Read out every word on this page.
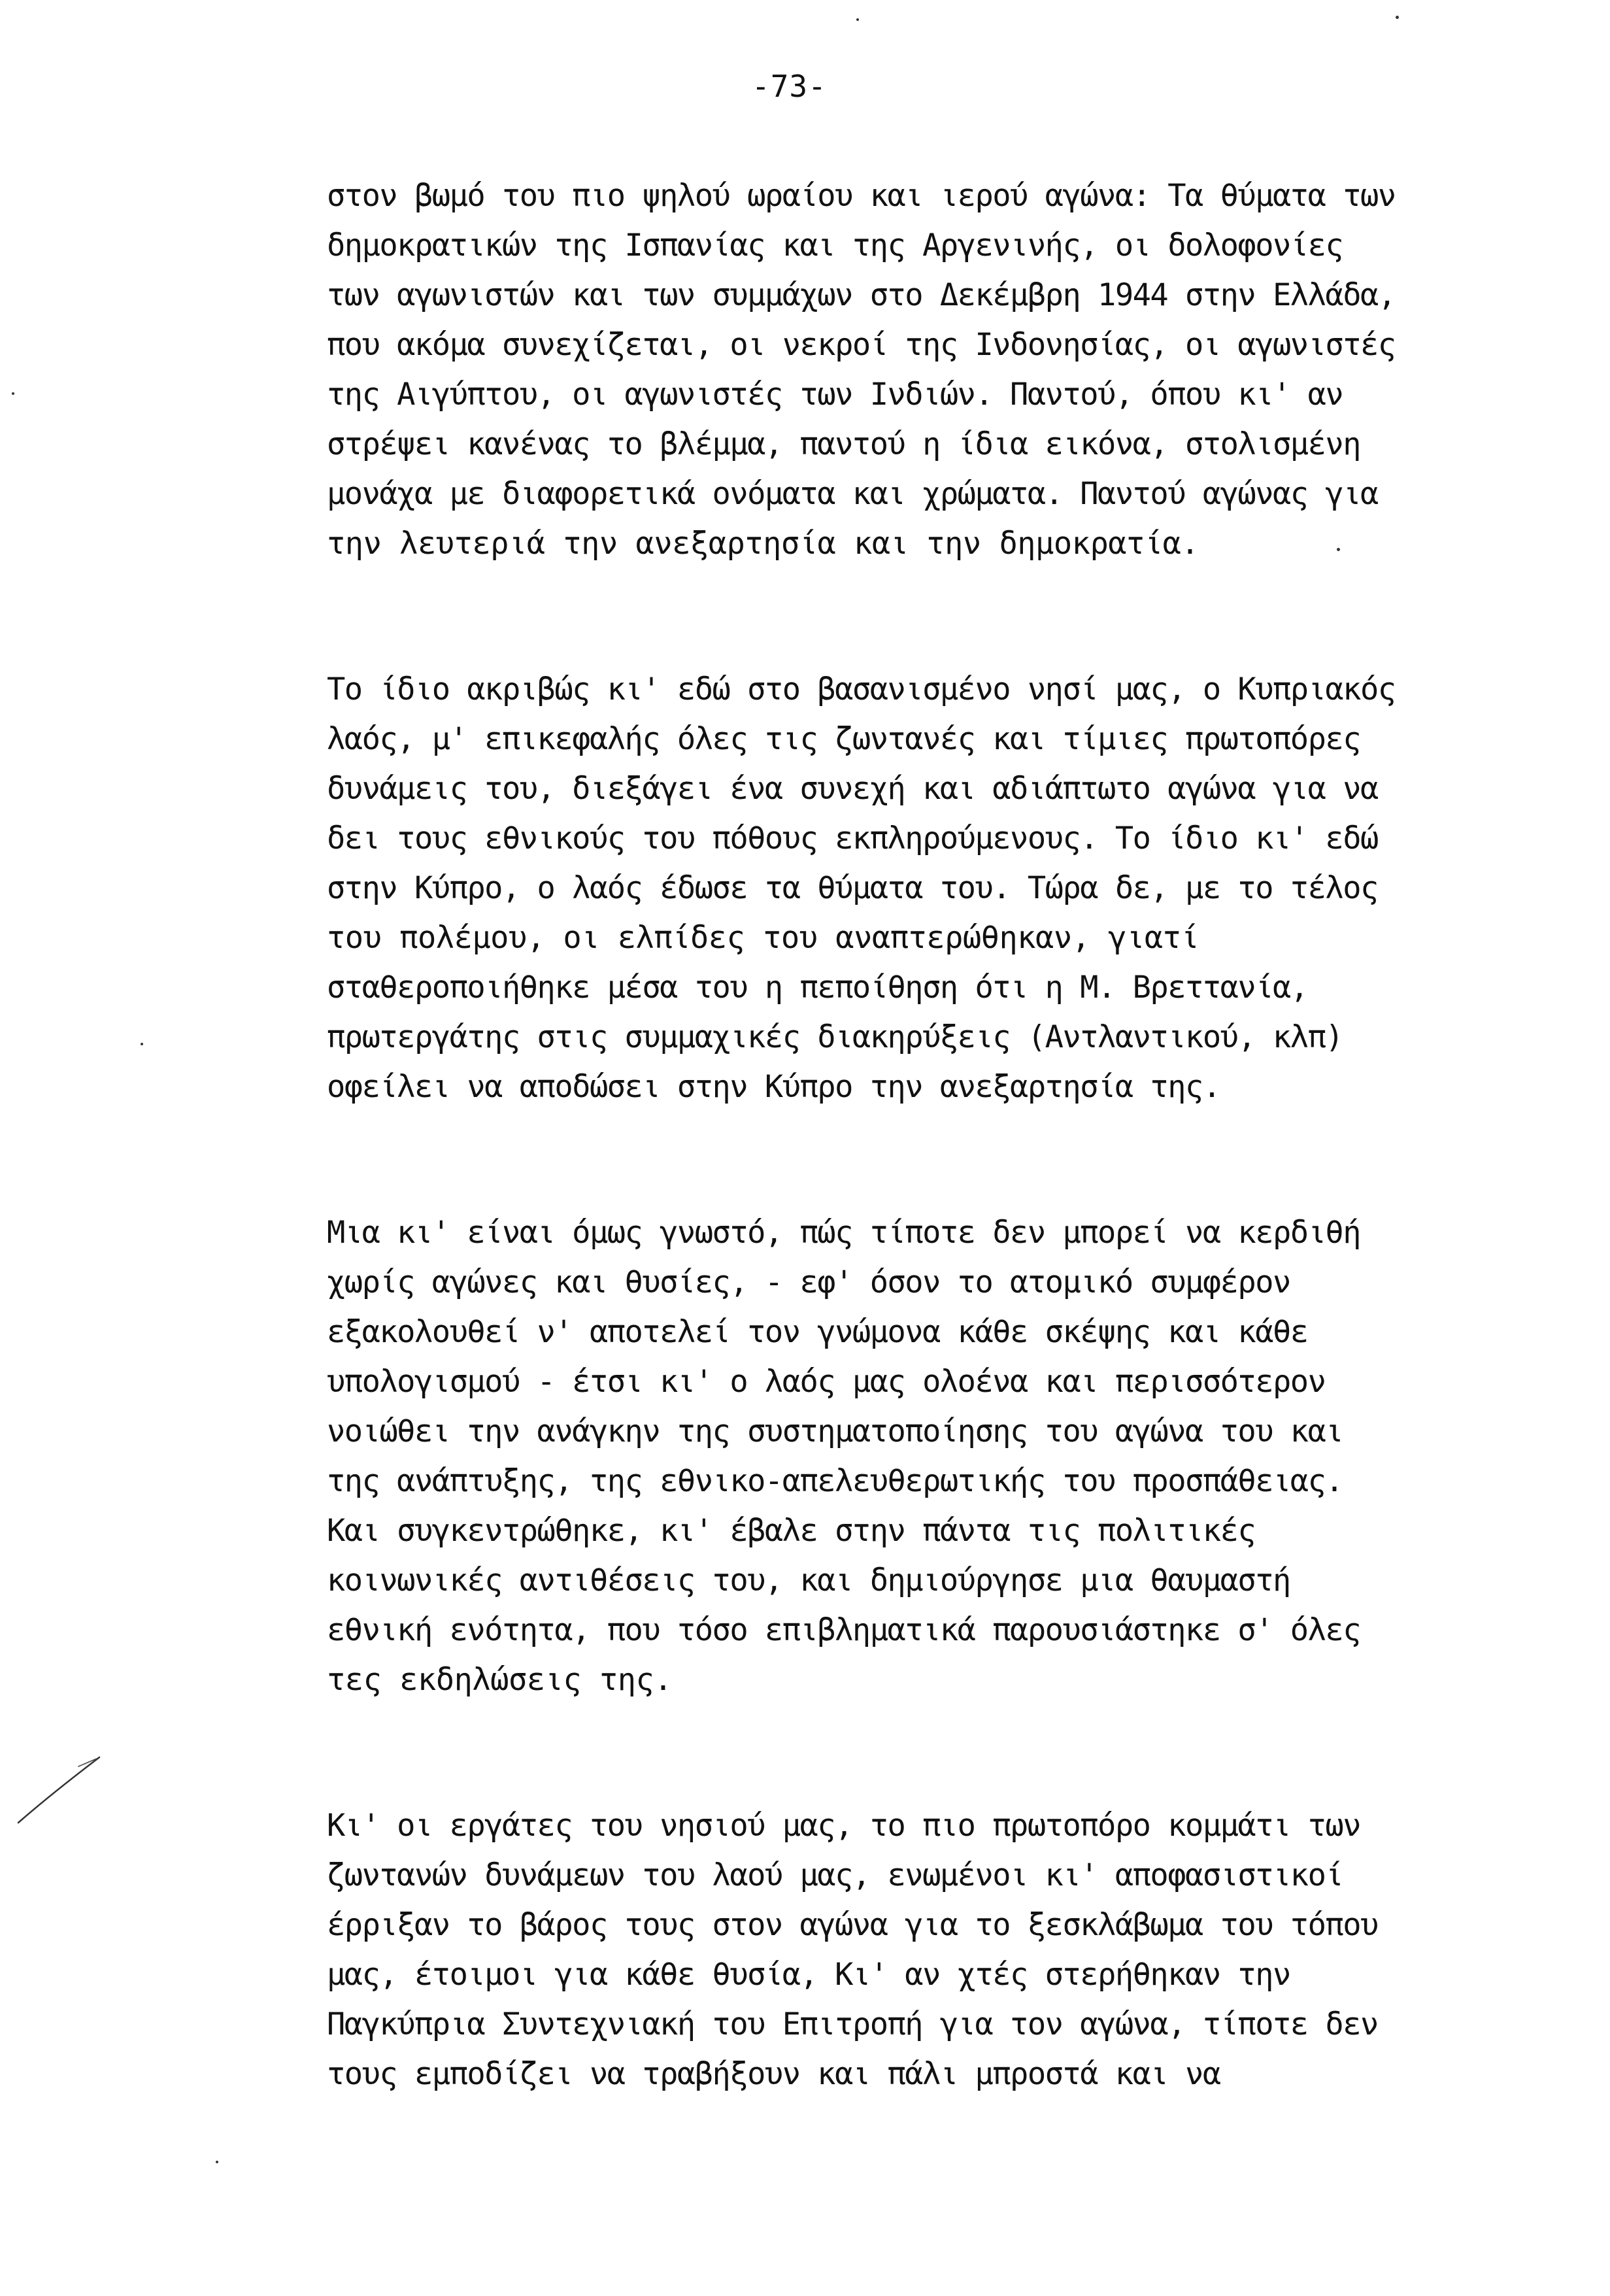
-73-
στον βωμό του πιο ψηλού ωραίου και ιερού αγώνα: Τα θύματα των
δημοκρατικών της Ισπανίας και της Αργενινής, οι δολοφονίες
των αγωνιστών και των συμμάχων στο Δεκέμβρη 1944 στην Ελλάδα,
που ακόμα συνεχίζεται, οι νεκροί της Ινδονησίας, οι αγωνιστές
της Αιγύπτου, οι αγωνιστές των Ινδιών. Παντού, όπου κι' αν
στρέψει κανένας το βλέμμα, παντού η ίδια εικόνα, στολισμένη
μονάχα με διαφορετικά ονόματα και χρώματα. Παντού αγώνας για
την λευτεριά την ανεξαρτησία και την δημοκρατία.
Το ίδιο ακριβώς κι' εδώ στο βασανισμένο νησί μας, ο Κυπριακός
λαός, μ' επικεφαλής όλες τις ζωντανές και τίμιες πρωτοπόρες
δυνάμεις του, διεξάγει ένα συνεχή και αδιάπτωτο αγώνα για να
δει τους εθνικούς του πόθους εκπληρούμενους. Το ίδιο κι' εδώ
στην Κύπρο, ο λαός έδωσε τα θύματα του. Τώρα δε, με το τέλος
του πολέμου, οι ελπίδες του αναπτερώθηκαν, γιατί
σταθεροποιήθηκε μέσα του η πεποίθηση ότι η Μ. Βρεττανία,
πρωτεργάτης στις συμμαχικές διακηρύξεις (Αντλαντικού, κλπ)
οφείλει να αποδώσει στην Κύπρο την ανεξαρτησία της.
Μια κι' είναι όμως γνωστό, πώς τίποτε δεν μπορεί να κερδιθή
χωρίς αγώνες και θυσίες, - εφ' όσον το ατομικό συμφέρον
εξακολουθεί ν' αποτελεί τον γνώμονα κάθε σκέψης και κάθε
υπολογισμού - έτσι κι' ο λαός μας ολοένα και περισσότερον
νοιώθει την ανάγκην της συστηματοποίησης του αγώνα του και
της ανάπτυξης, της εθνικο-απελευθερωτικής του προσπάθειας.
Και συγκεντρώθηκε, κι' έβαλε στην πάντα τις πολιτικές
κοινωνικές αντιθέσεις του, και δημιούργησε μια θαυμαστή
εθνική ενότητα, που τόσο επιβληματικά παρουσιάστηκε σ' όλες
τες εκδηλώσεις της.
Κι' οι εργάτες του νησιού μας, το πιο πρωτοπόρο κομμάτι των
ζωντανών δυνάμεων του λαού μας, ενωμένοι κι' αποφασιστικοί
έρριξαν το βάρος τους στον αγώνα για το ξεσκλάβωμα του τόπου
μας, έτοιμοι για κάθε θυσία, Κι' αν χτές στερήθηκαν την
Παγκύπρια Συντεχνιακή του Επιτροπή για τον αγώνα, τίποτε δεν
τους εμποδίζει να τραβήξουν και πάλι μπροστά και να
